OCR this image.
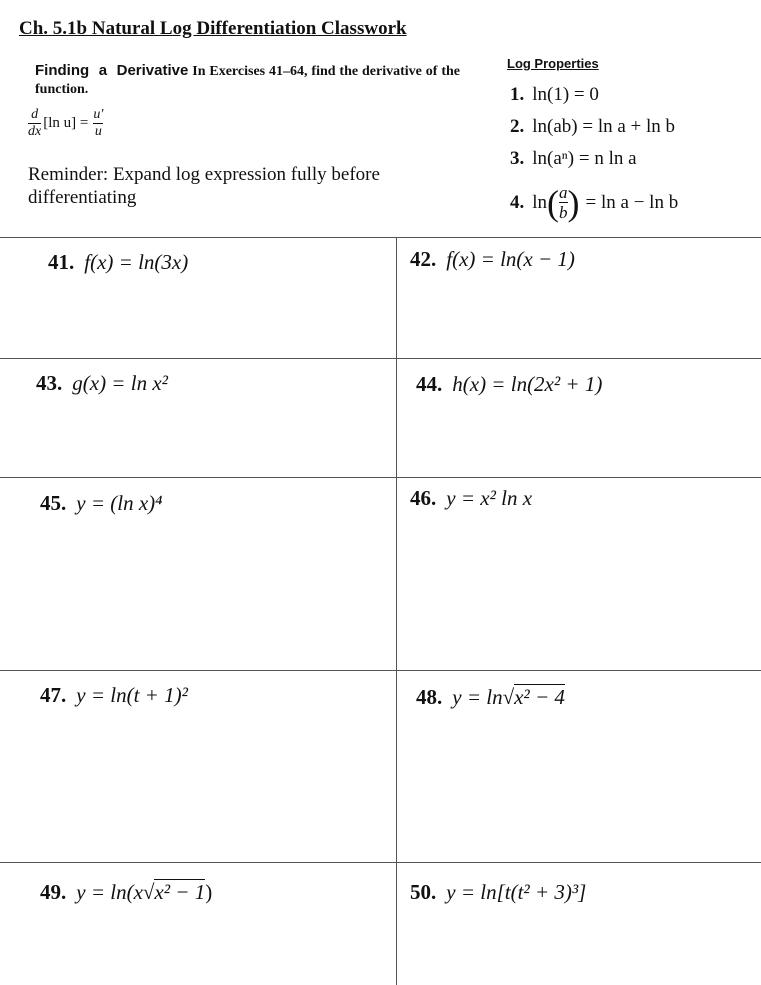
Ch. 5.1b Natural Log Differentiation Classwork
Finding a Derivative In Exercises 41–64, find the derivative of the function.
$\frac{d}{dx} [\ln$ $u] = \frac{u'}{u}$
Reminder: Expand log expression fully before differentiating
Log Properties
1. ln(1) = 0
2. ln(ab) = ln a + ln b
3. ln(aⁿ) = n ln a
4. ln ( $\frac{a}{b}$ ) = ln a − ln b
41. f(x) = ln(3x)	42. f(x) = ln(x − 1)
43. g(x) = ln x²	44. h(x) = ln(2x² + 1)
45. y = (ln x)⁴	46. y = x² ln x
47. y = ln(t + 1)²	48. y = ln√x² − 4
49. y = ln(x√x² − 1)	50. y = ln[t(t² + 3)³]
